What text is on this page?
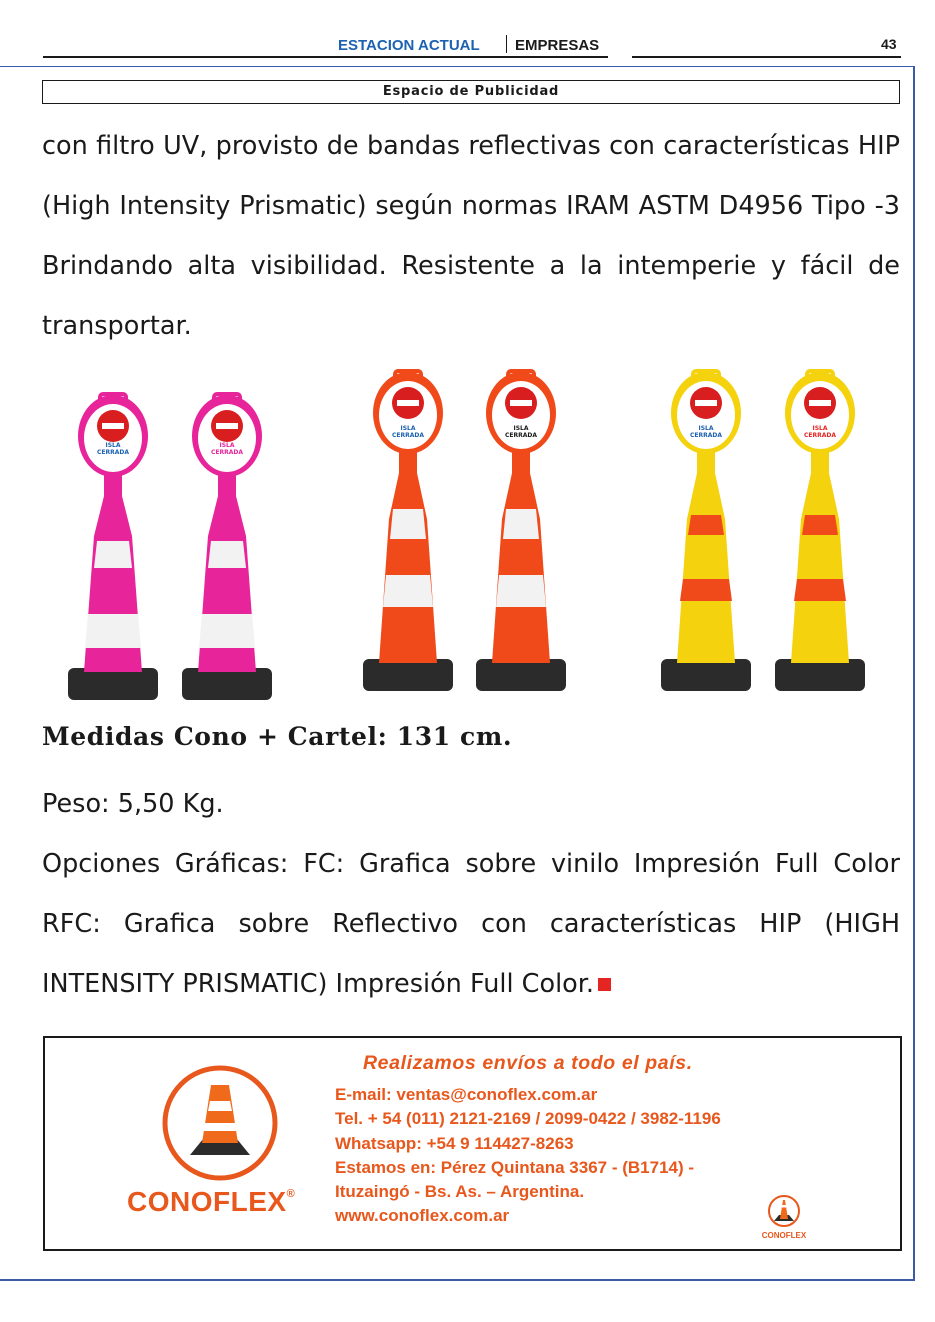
ESTACION ACTUAL EMPRESAS	43
Espacio de Publicidad
con filtro UV, provisto de bandas reflectivas con características HIP (High Intensity Prismatic) según normas IRAM ASTM D4956 Tipo -3 Brindando alta visibilidad. Resistente a la intemperie y fácil de transportar.
ISLA
CERRADA
ISLA
CERRADA
ISLA
CERRADA
ISLA
CERRADA
ISLA
CERRADA
ISLA
CERRADA
Medidas Cono + Cartel: 131 cm.

Peso: 5,50 Kg.

Opciones Gráficas: FC: Grafica sobre vinilo Impresión Full Color RFC: Grafica sobre Reflectivo con características HIP (HIGH INTENSITY PRISMATIC) Impresión Full Color.

CONOFLEX®
Realizamos envíos a todo el país.
E-mail: ventas@conoflex.com.ar
Tel. + 54 (011) 2121-2169 / 2099-0422 / 3982-1196
Whatsapp: +54 9 114427-8263
Estamos en: Pérez Quintana 3367 - (B1714) -
Ituzaingó - Bs. As. – Argentina.
www.conoflex.com.ar
CONOFLEX
